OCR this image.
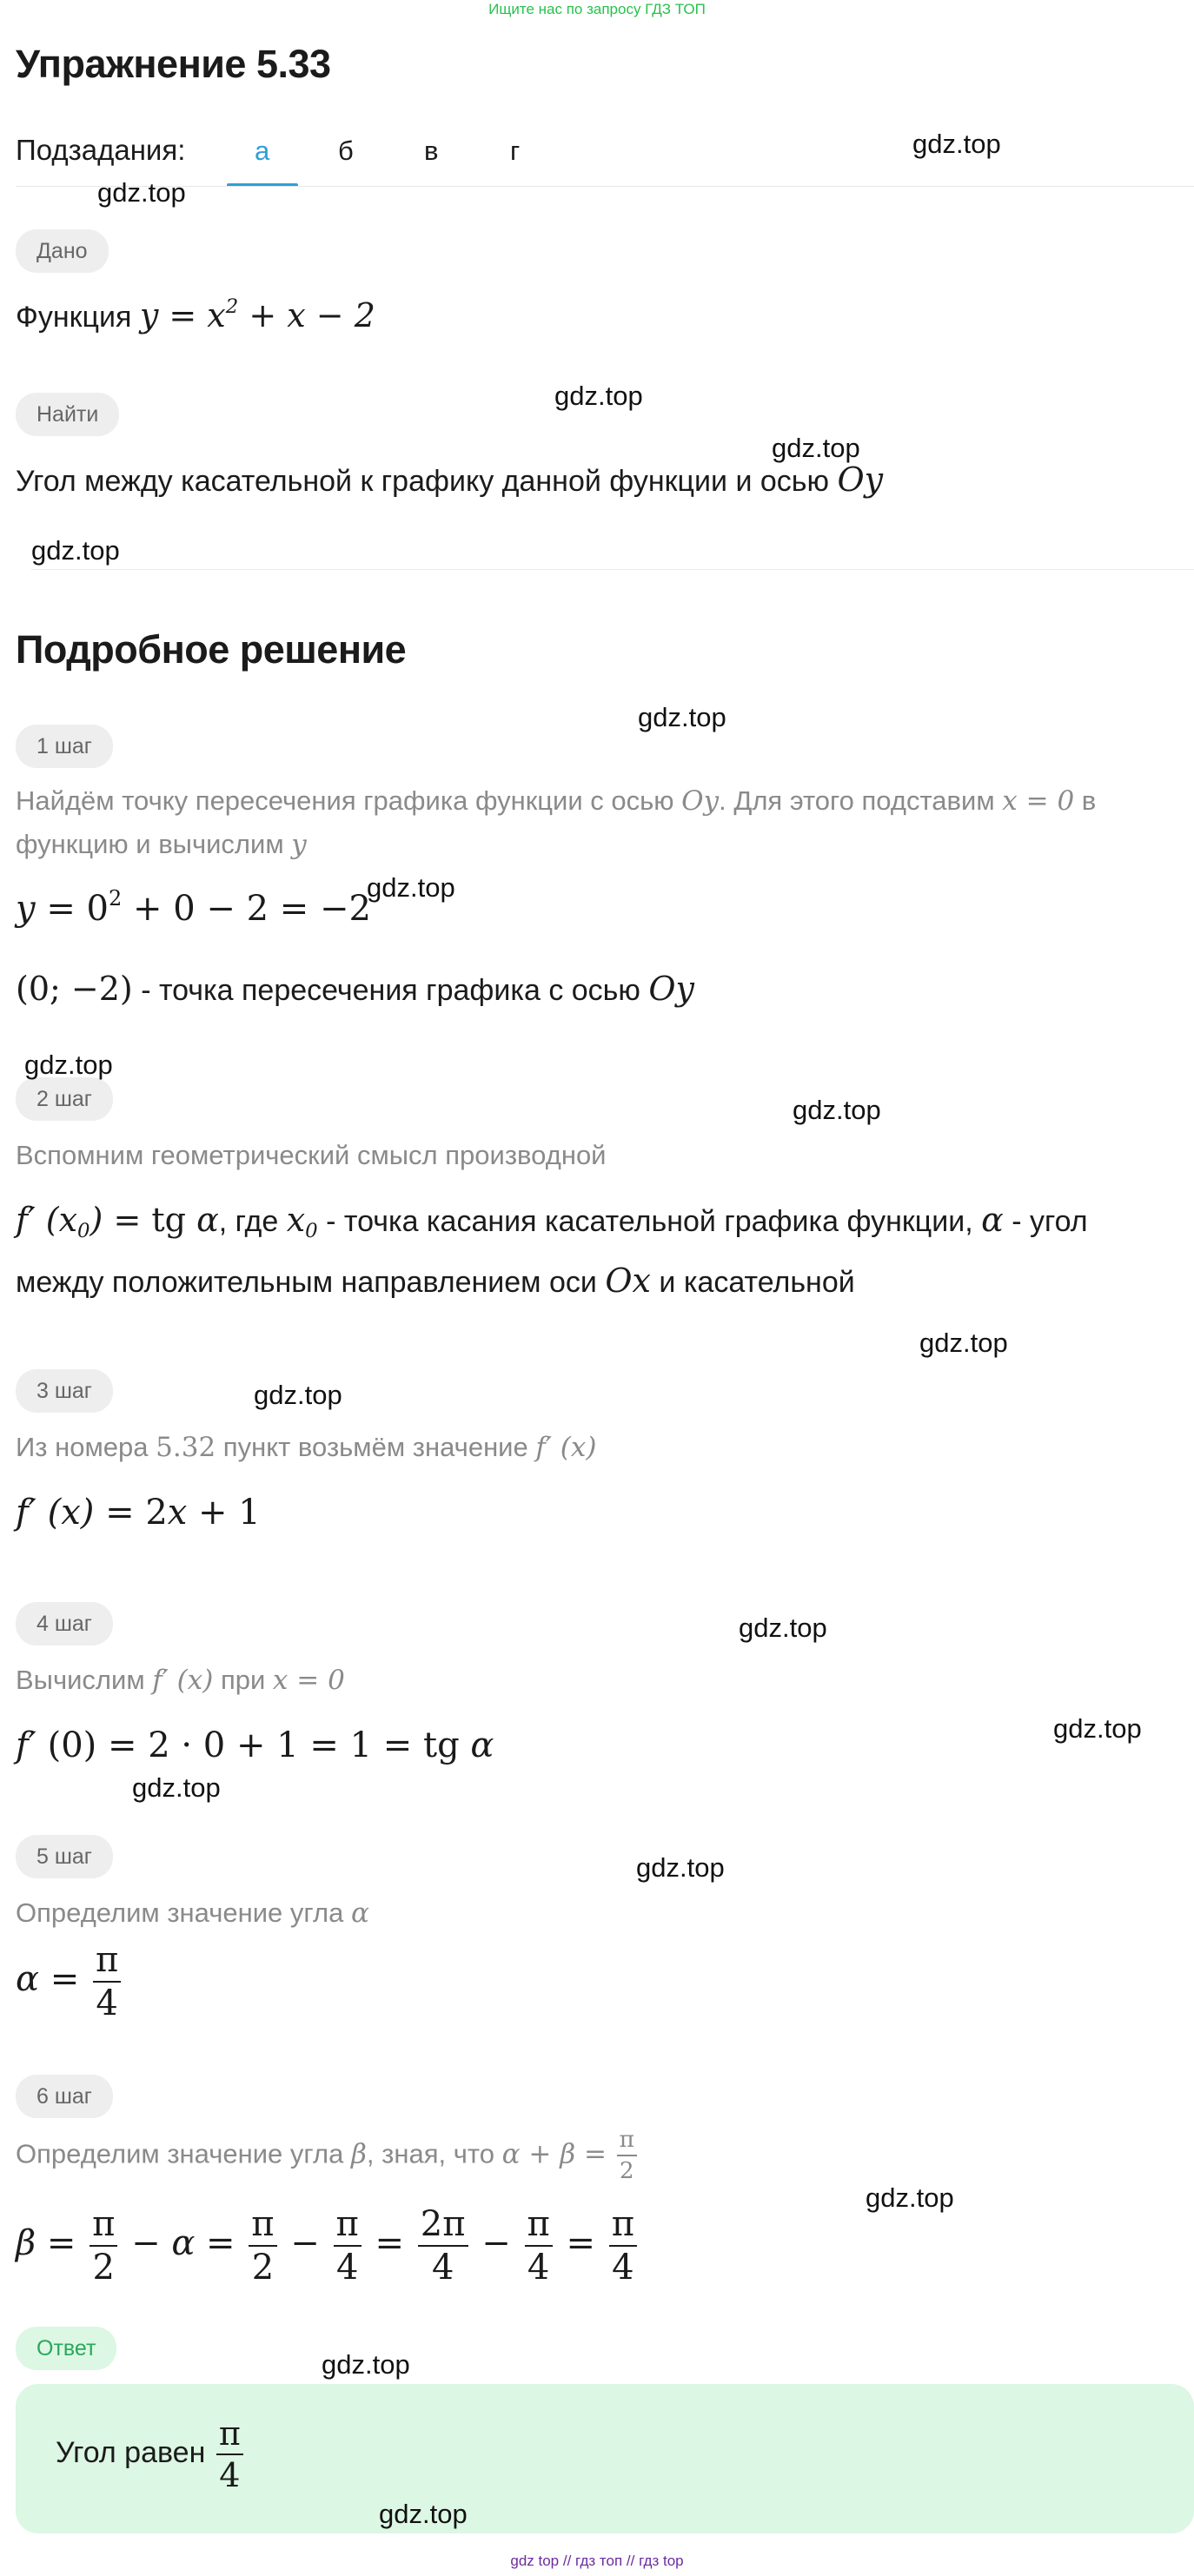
Ищите нас по запросу ГДЗ ТОП
Упражнение 5.33
Подзадания:	а	б	в	г
Дано
Функция $y = x^2 + x - 2$
Найти
Угол между касательной к графику данной функции и осью Oy
Подробное решение
1 шаг
Найдём точку пересечения графика функции с осью Oy. Для этого подставим x = 0 в
функцию и вычислим y
$y = 0^2 + 0 - 2 = -2$
(0; −2) - точка пересечения графика с осью Oy
2 шаг
Вспомним геометрический смысл производной
f′ $(x_0)$ = tg α, где $x_0$ - точка касания касательной графика функции, α - угол
между положительным направлением оси Ox и касательной
3 шаг
Из номера 5.32 пункт возьмём значение f′ (x)
f′ (x) = 2x + 1
4 шаг
Вычислим f′ (x) при x = 0
f′ (0) = 2 · 0 + 1 = 1 = tg α
5 шаг
Определим значение угла α
$\alpha = \frac{\pi}{4}$
6 шаг
Определим значение угла β, зная, что $\alpha + \beta = \frac{\pi}{2}$
$\beta = \frac{\pi}{2} - \alpha = \frac{\pi}{2} - \frac{\pi}{4} = \frac{2\pi}{4} - \frac{\pi}{4} = \frac{\pi}{4}$
Ответ
Угол равен $\frac{\pi}{4}$
gdz.top
gdz.top
gdz.top
gdz.top
gdz.top
gdz.top
gdz.top
gdz.top
gdz.top
gdz.top
gdz.top
gdz.top
gdz.top
gdz.top
gdz.top
gdz.top
gdz.top
gdz.top
gdz top // гдз топ // гдз top
